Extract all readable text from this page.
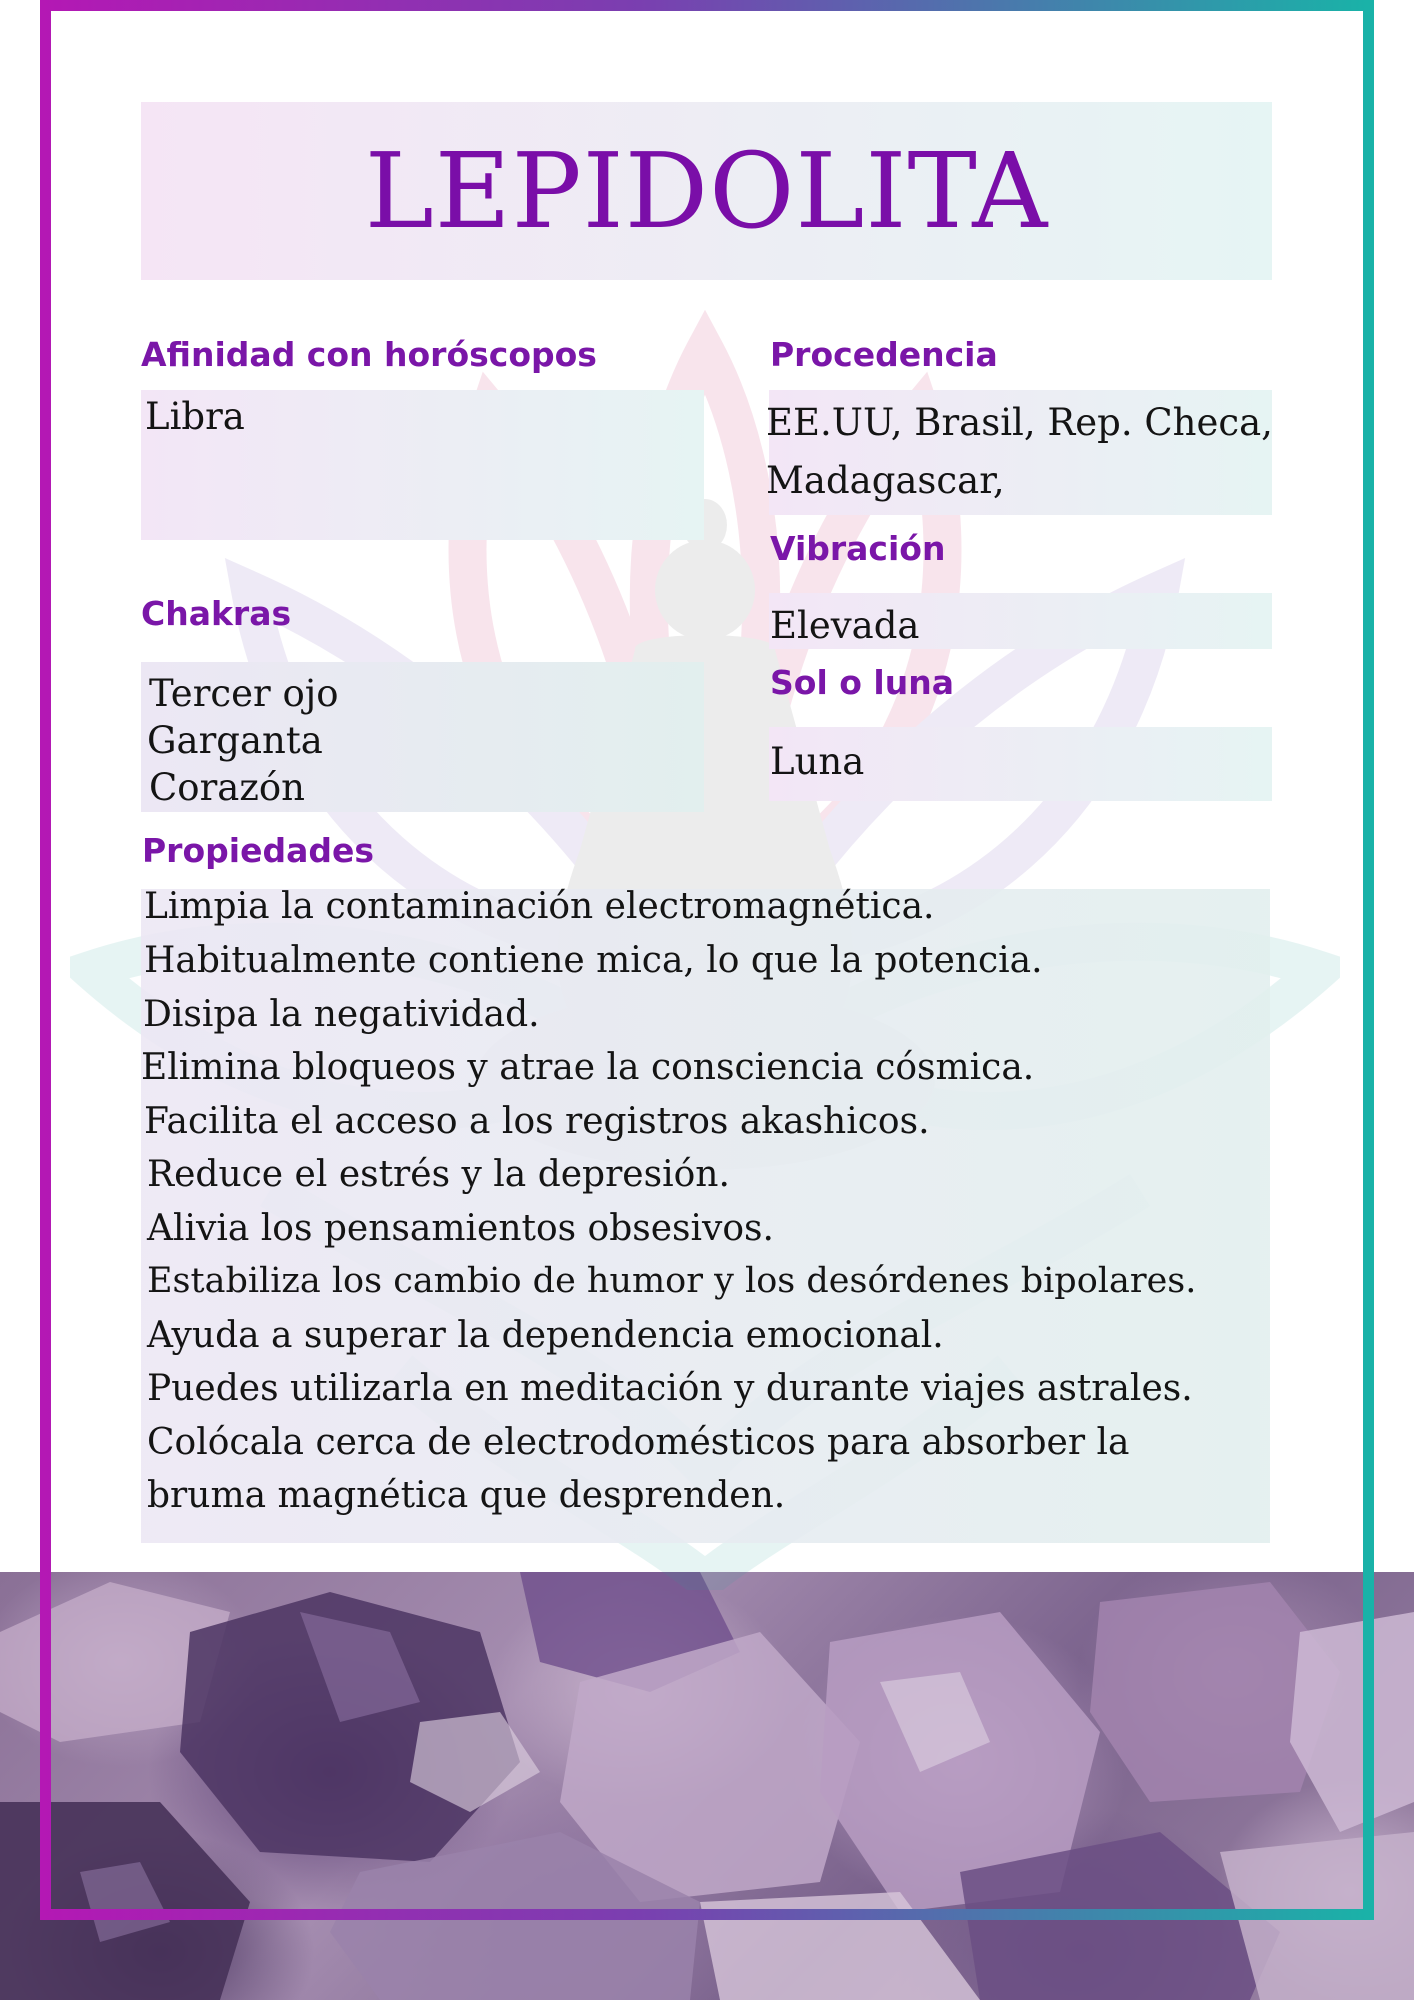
LEPIDOLITA
Afinidad con horóscopos
Libra
Procedencia
EE.UU, Brasil, Rep. Checa,
Madagascar,
Vibración
Elevada
Chakras
Tercer ojo
Garganta
Corazón
Sol o luna
Luna
Propiedades
Limpia la contaminación electromagnética.
Habitualmente contiene mica, lo que la potencia.
Disipa la negatividad.
Elimina bloqueos y atrae la consciencia cósmica.
Facilita el acceso a los registros akashicos.
Reduce el estrés y la depresión.
Alivia los pensamientos obsesivos.
Estabiliza los cambio de humor y los desórdenes bipolares.
Ayuda a superar la dependencia emocional.
Puedes utilizarla en meditación y durante viajes astrales.
Colócala cerca de electrodomésticos para absorber la
bruma magnética que desprenden.
